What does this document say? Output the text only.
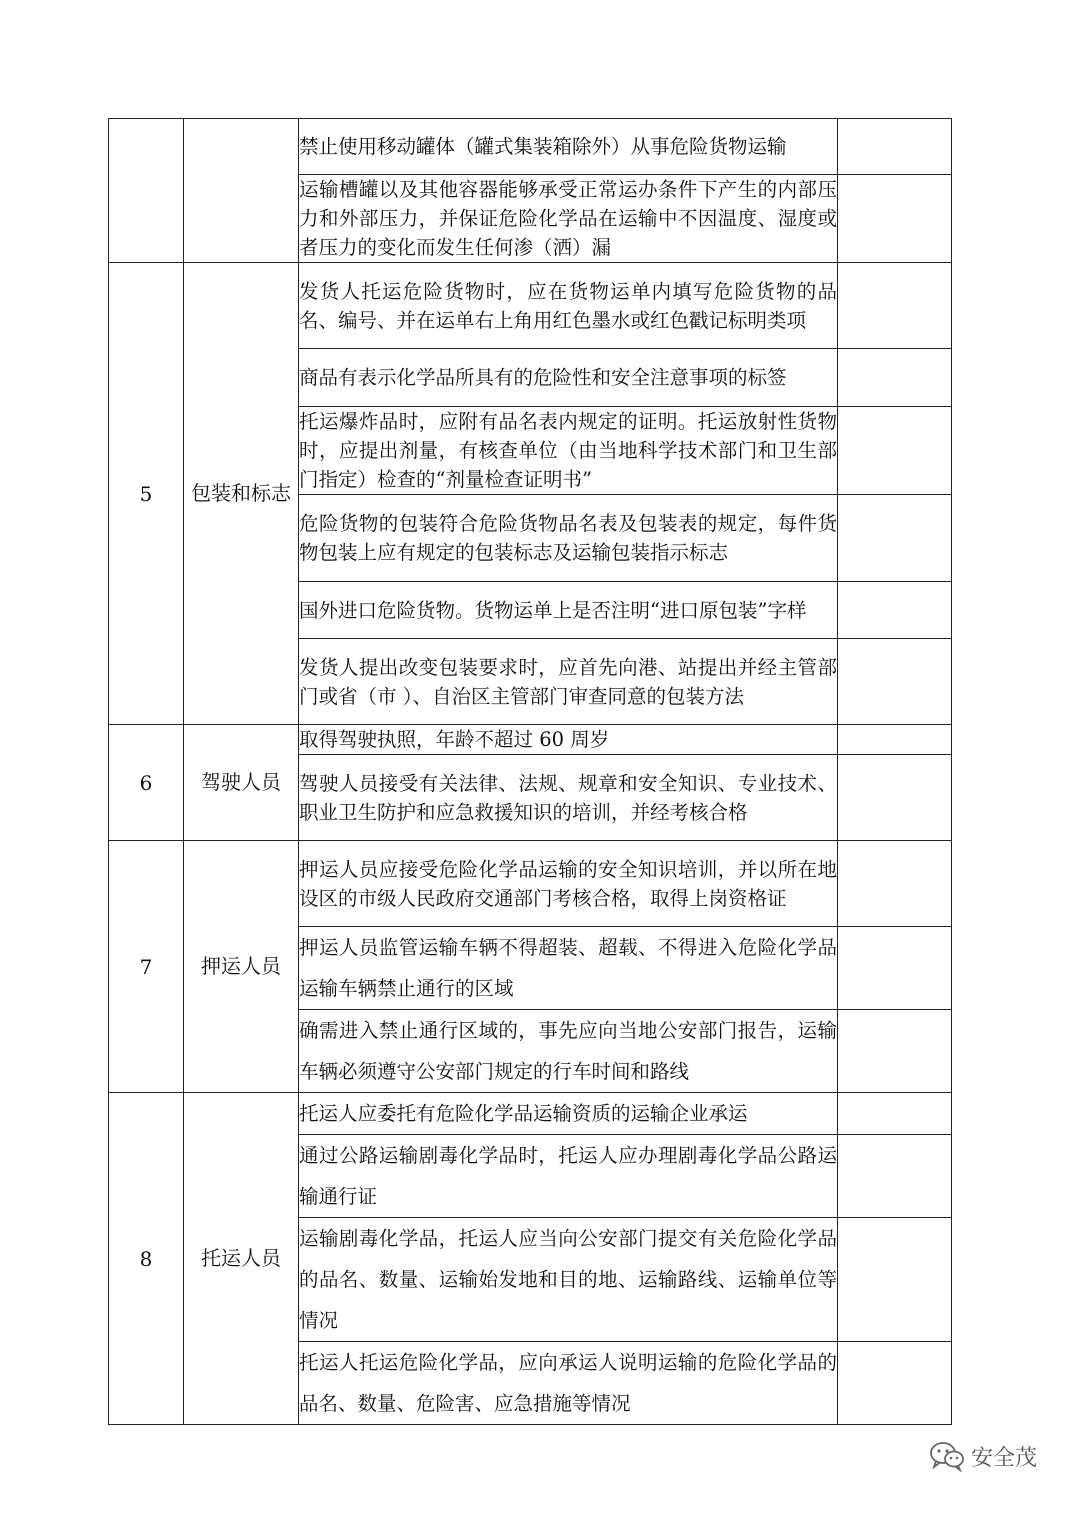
		禁止使用移动罐体（罐式集装箱除外）从事危险货物运输	
		运输槽罐以及其他容器能够承受正常运办条件下产生的内部压力和外部压力，并保证危险化学品在运输中不因温度、湿度或者压力的变化而发生任何渗（洒）漏	
5	包装和标志	发货人托运危险货物时，应在货物运单内填写危险货物的品名、编号、并在运单右上角用红色墨水或红色戳记标明类项	
		商品有表示化学品所具有的危险性和安全注意事项的标签	
		托运爆炸品时，应附有品名表内规定的证明。托运放射性货物时，应提出剂量，有核查单位（由当地科学技术部门和卫生部门指定）检查的“剂量检查证明书”	
		危险货物的包装符合危险货物品名表及包装表的规定，每件货物包装上应有规定的包装标志及运输包装指示标志	
		国外进口危险货物。货物运单上是否注明“进口原包装”字样	
		发货人提出改变包装要求时，应首先向港、站提出并经主管部门或省（市 ）、自治区主管部门审查同意的包装方法	
6	驾驶人员	取得驾驶执照，年龄不超过 60 周岁	
		驾驶人员接受有关法律、法规、规章和安全知识、专业技术、职业卫生防护和应急救援知识的培训，并经考核合格	
7	押运人员	押运人员应接受危险化学品运输的安全知识培训，并以所在地设区的市级人民政府交通部门考核合格，取得上岗资格证	
		押运人员监管运输车辆不得超装、超载、不得进入危险化学品运输车辆禁止通行的区域	
		确需进入禁止通行区域的，事先应向当地公安部门报告，运输车辆必须遵守公安部门规定的行车时间和路线	
8	托运人员	托运人应委托有危险化学品运输资质的运输企业承运	
		通过公路运输剧毒化学品时，托运人应办理剧毒化学品公路运输通行证	
		运输剧毒化学品，托运人应当向公安部门提交有关危险化学品的品名、数量、运输始发地和目的地、运输路线、运输单位等情况	
		托运人托运危险化学品，应向承运人说明运输的危险化学品的品名、数量、危险害、应急措施等情况	
安全茂
